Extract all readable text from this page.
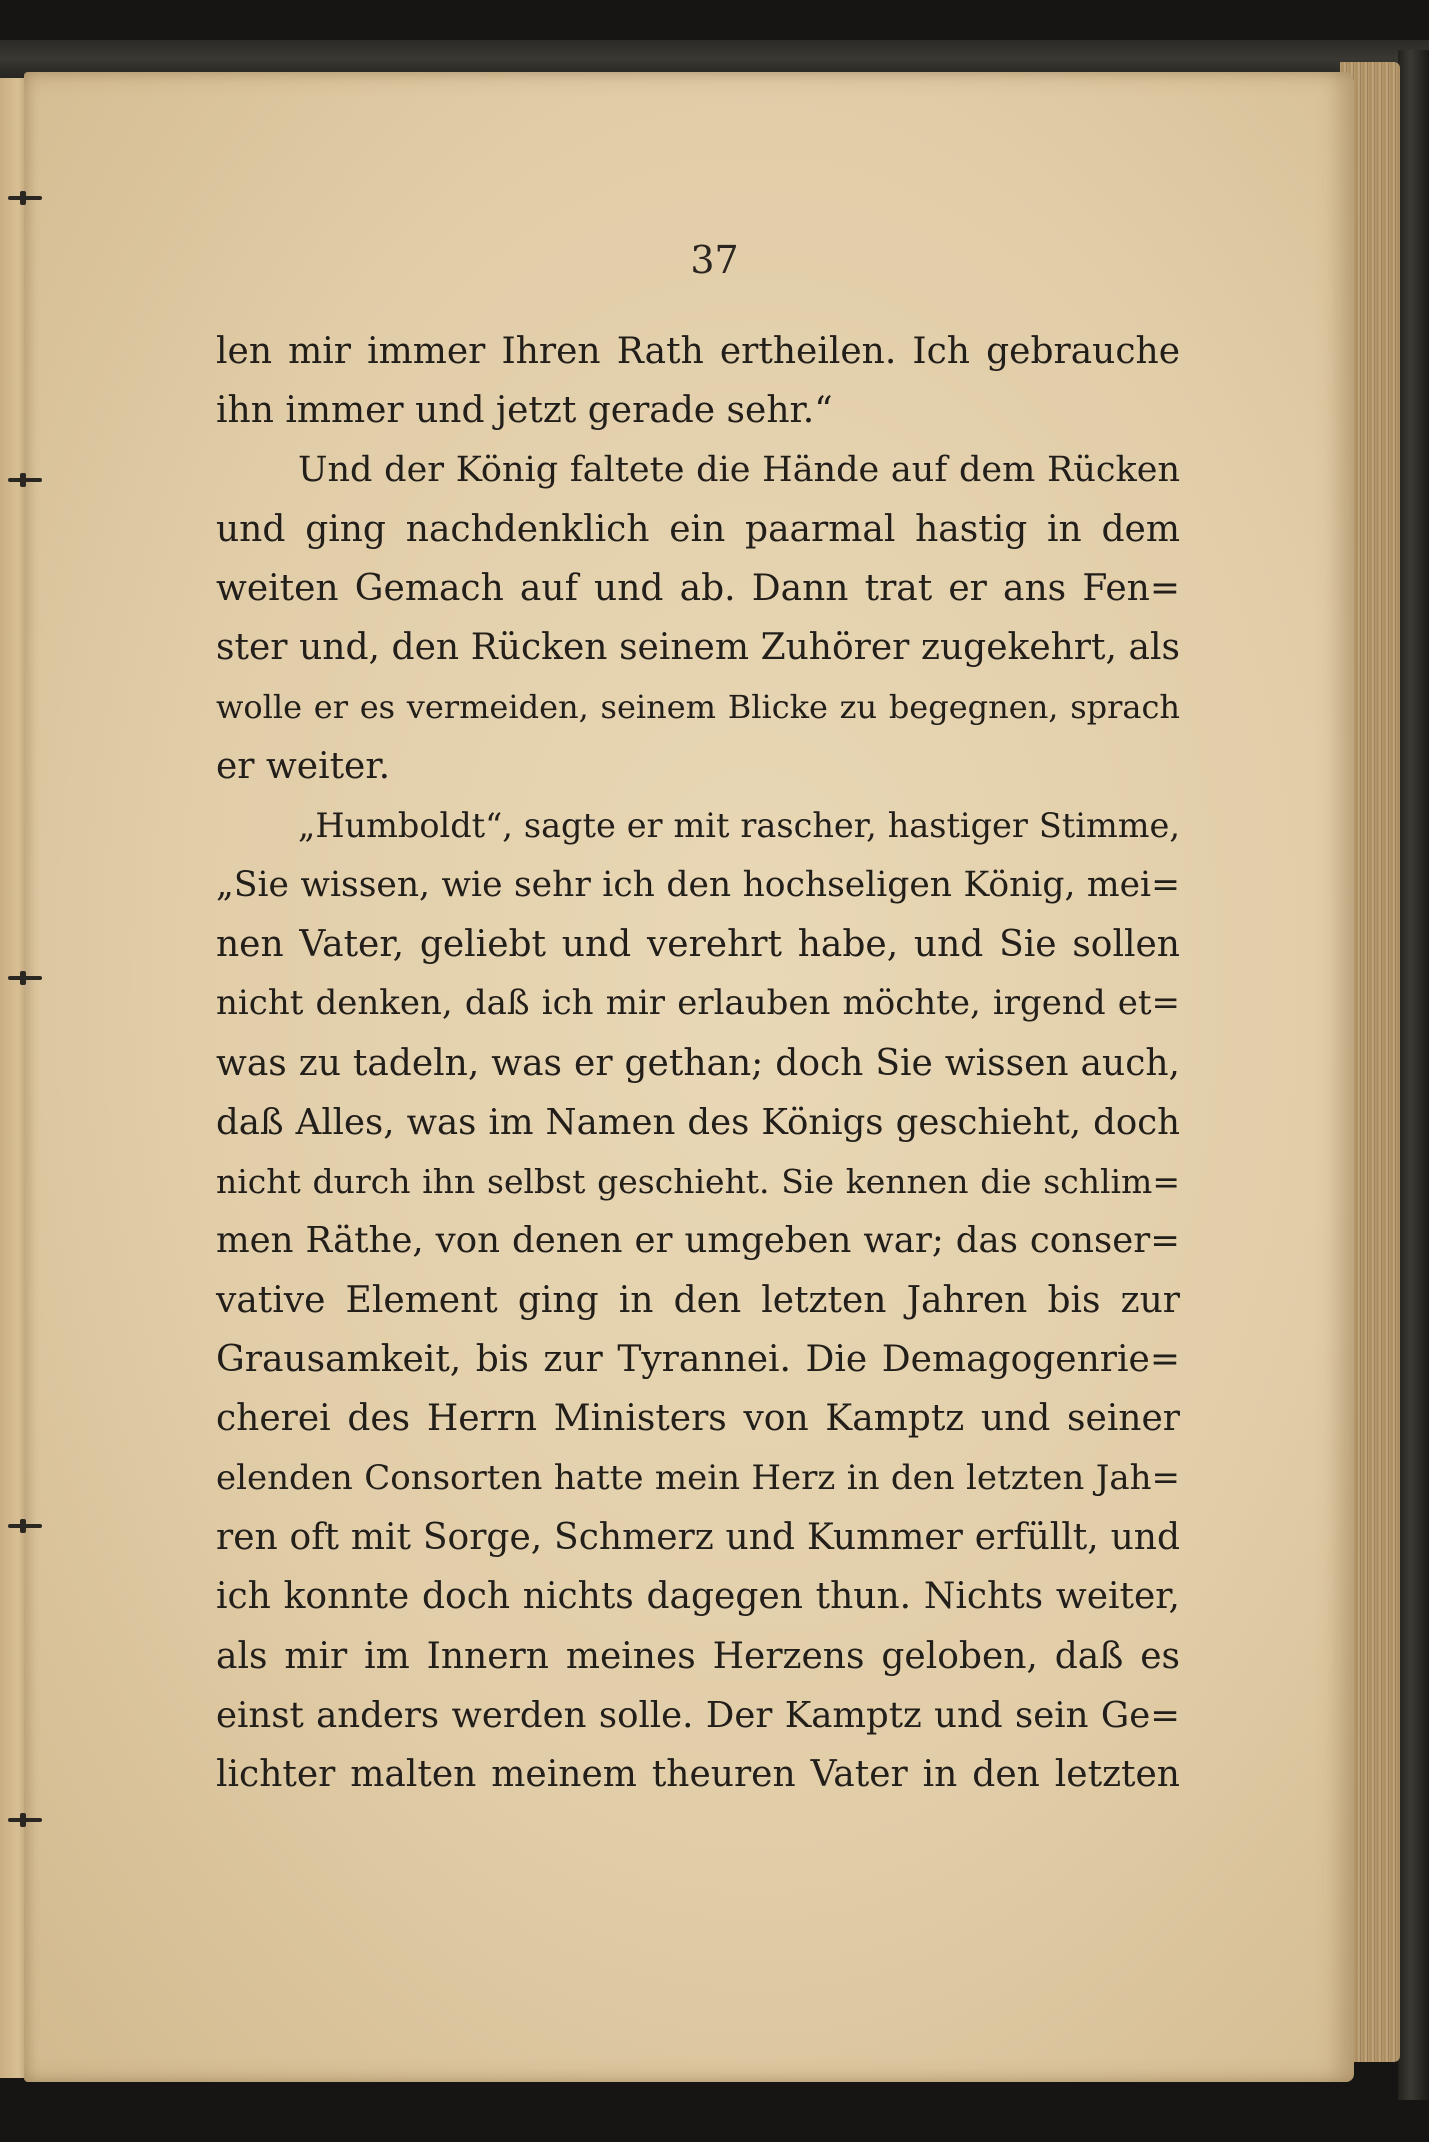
37
len mir immer Ihren Rath ertheilen. Ich gebrauche
ihn immer und jetzt gerade sehr.“
Und der König faltete die Hände auf dem Rücken
und ging nachdenklich ein paarmal hastig in dem
weiten Gemach auf und ab. Dann trat er ans Fen=
ster und, den Rücken seinem Zuhörer zugekehrt, als
wolle er es vermeiden, seinem Blicke zu begegnen, sprach
er weiter.
„Humboldt“, sagte er mit rascher, hastiger Stimme,
„Sie wissen, wie sehr ich den hochseligen König, mei=
nen Vater, geliebt und verehrt habe, und Sie sollen
nicht denken, daß ich mir erlauben möchte, irgend et=
was zu tadeln, was er gethan; doch Sie wissen auch,
daß Alles, was im Namen des Königs geschieht, doch
nicht durch ihn selbst geschieht. Sie kennen die schlim=
men Räthe, von denen er umgeben war; das conser=
vative Element ging in den letzten Jahren bis zur
Grausamkeit, bis zur Tyrannei. Die Demagogenrie=
cherei des Herrn Ministers von Kamptz und seiner
elenden Consorten hatte mein Herz in den letzten Jah=
ren oft mit Sorge, Schmerz und Kummer erfüllt, und
ich konnte doch nichts dagegen thun. Nichts weiter,
als mir im Innern meines Herzens geloben, daß es
einst anders werden solle. Der Kamptz und sein Ge=
lichter malten meinem theuren Vater in den letzten
